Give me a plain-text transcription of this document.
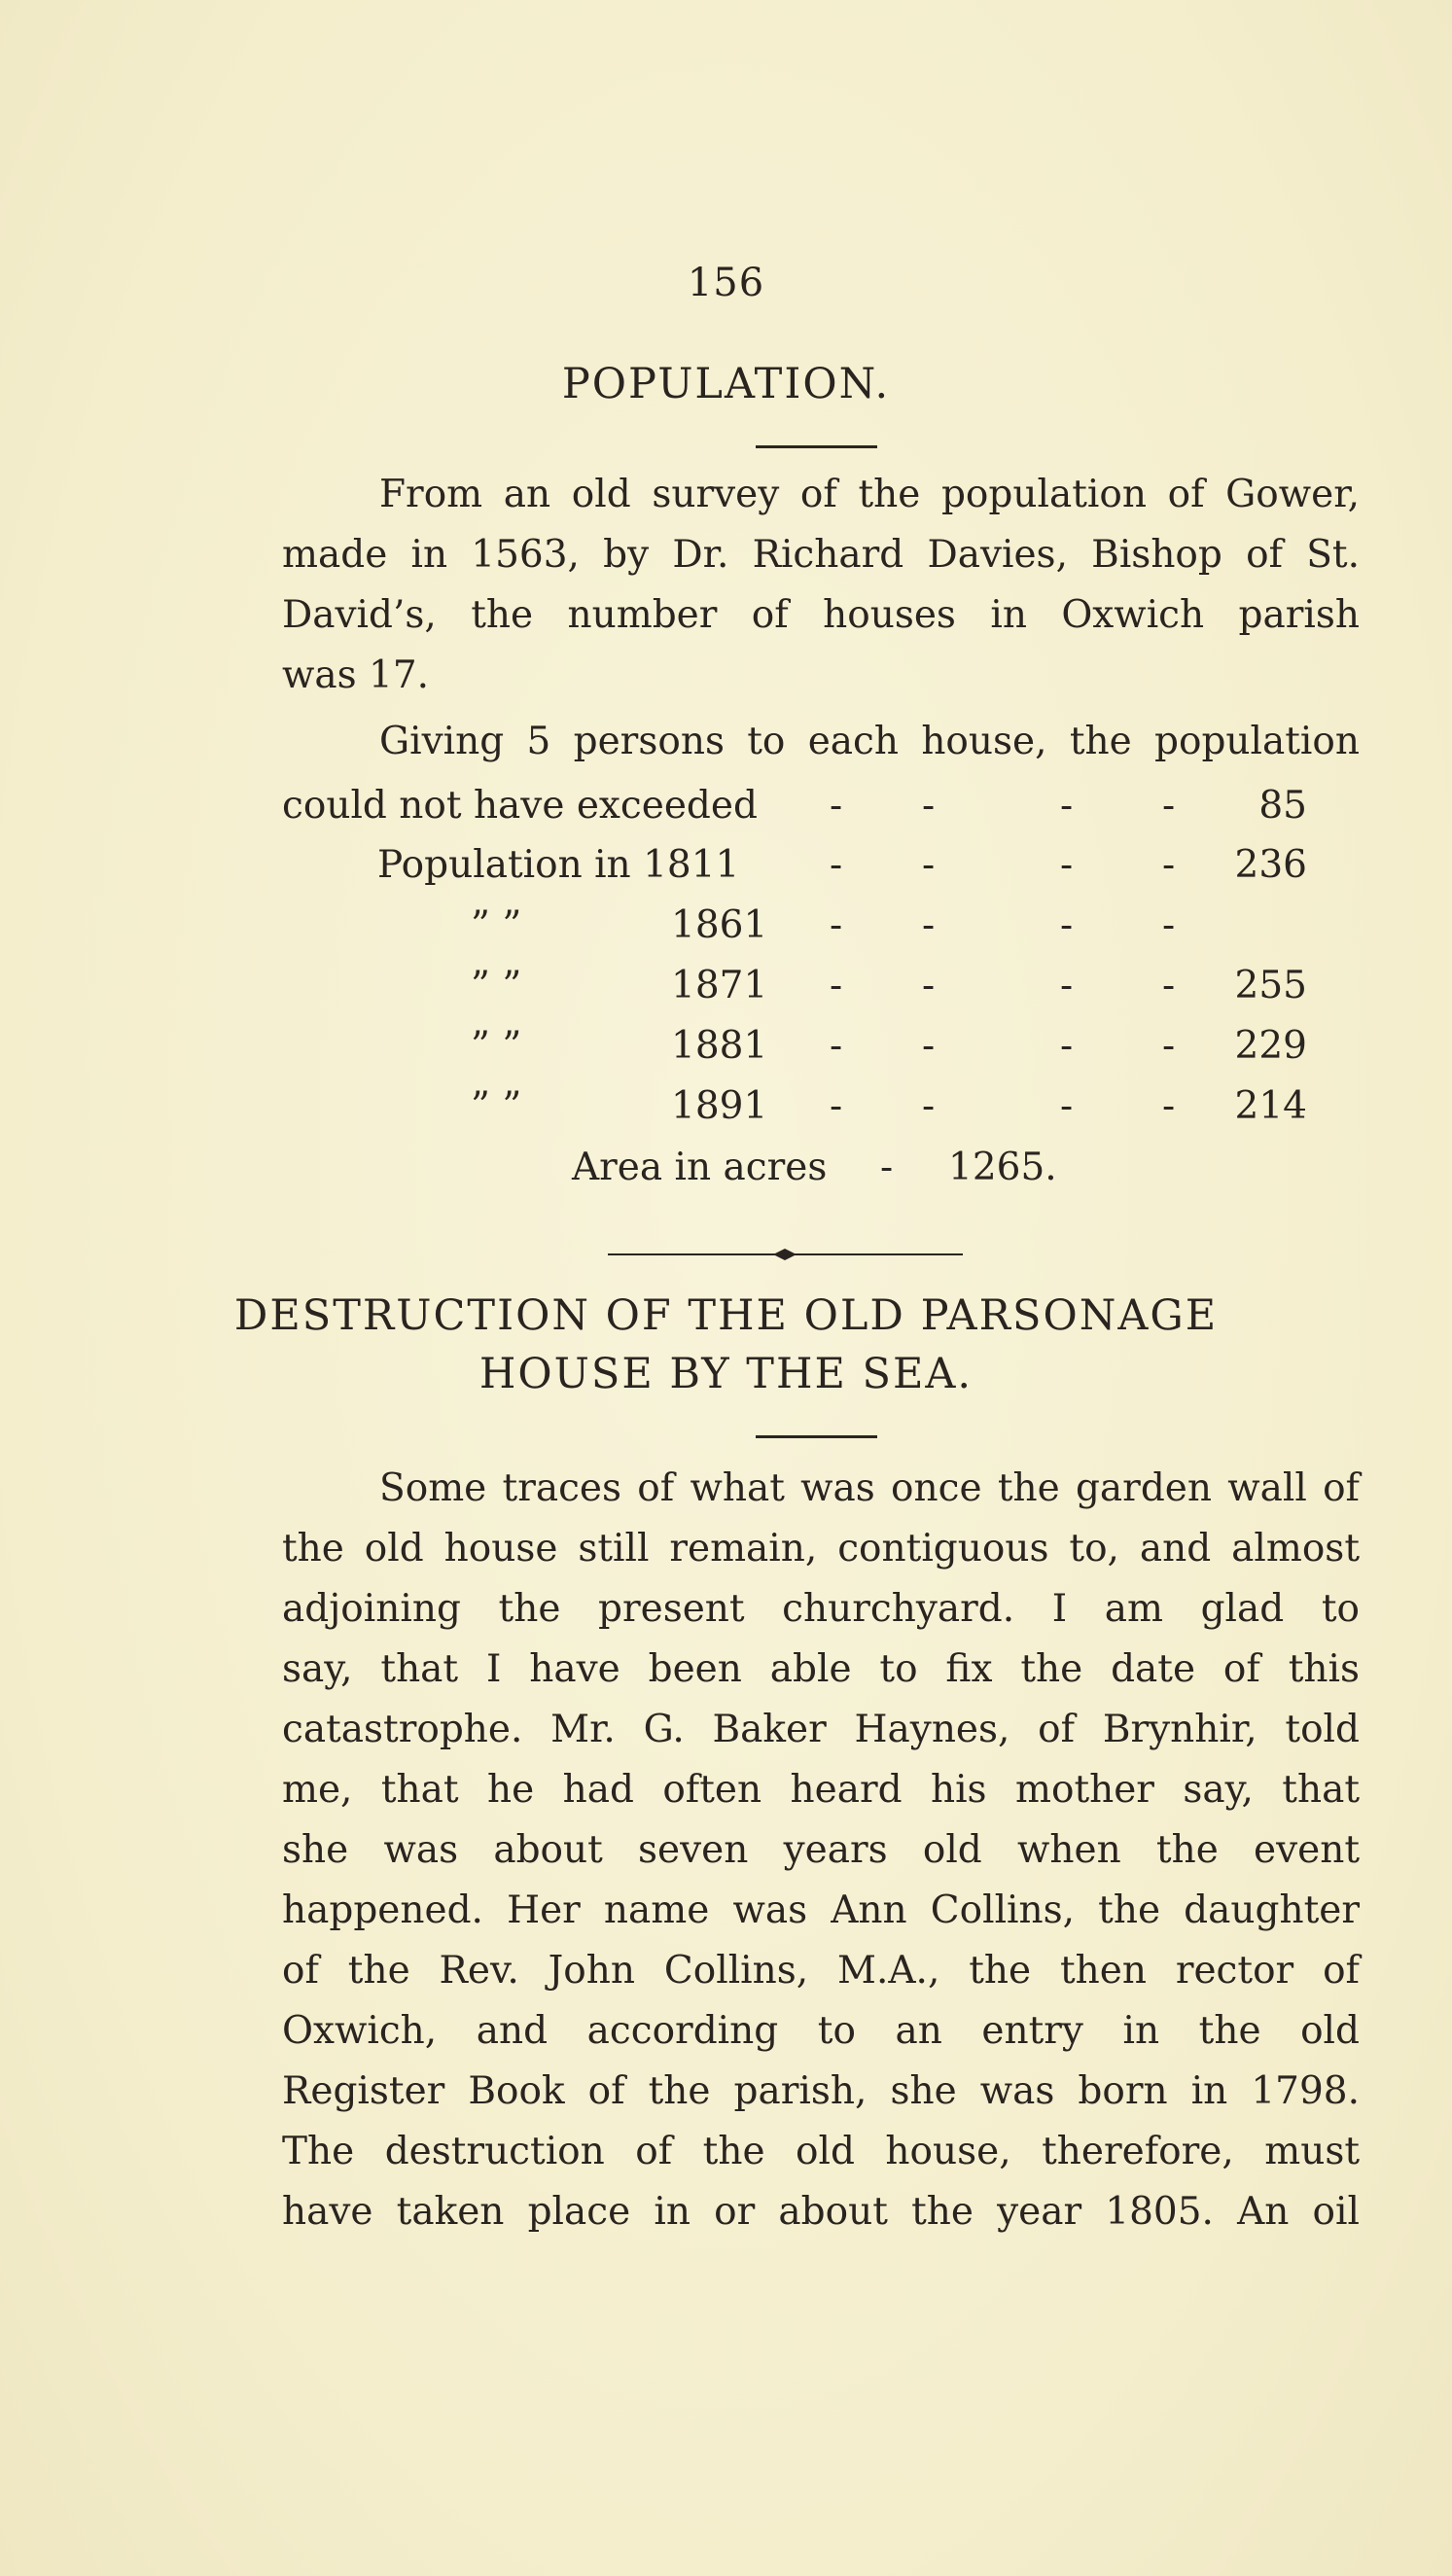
156
POPULATION.
From an old survey of the population of Gower,
made in 1563, by Dr. Richard Davies, Bishop of St.
David’s, the number of houses in Oxwich parish
was 17.
Giving 5 persons to each house, the population
could not have exceeded - -	- -	85
Population in 1811 - -	- -	236
” ”	1861 - -	- -
” ”	1871 - -	- -	255
” ”	1881 - -	- -	229
” ”	1891 - -	- -	214
Area in acres - 1265.
DESTRUCTION OF THE OLD PARSONAGE
HOUSE BY THE SEA.
Some traces of what was once the garden wall of
the old house still remain, contiguous to, and almost
adjoining the present churchyard. I am glad to
say, that I have been able to fix the date of this
catastrophe. Mr. G. Baker Haynes, of Brynhir, told
me, that he had often heard his mother say, that
she was about seven years old when the event
happened. Her name was Ann Collins, the daughter
of the Rev. John Collins, M.A., the then rector of
Oxwich, and according to an entry in the old
Register Book of the parish, she was born in 1798.
The destruction of the old house, therefore, must
have taken place in or about the year 1805. An oil
